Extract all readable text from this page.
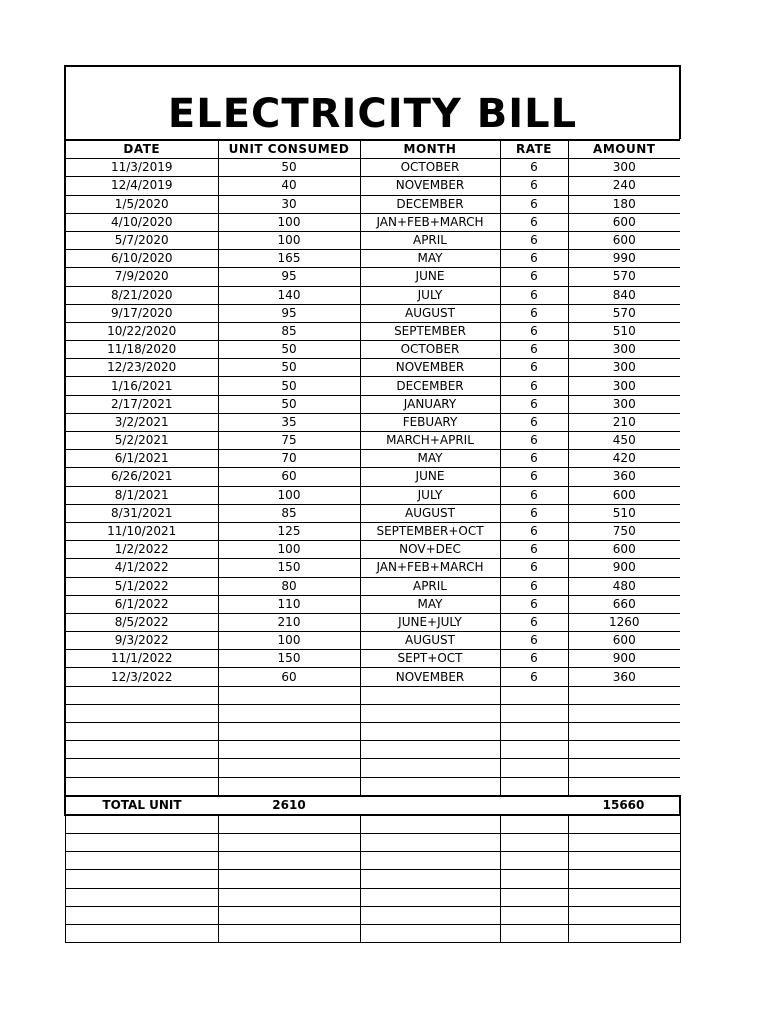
ELECTRICITY BILL
DATE	UNIT CONSUMED	MONTH	RATE	AMOUNT
11/3/2019	50	OCTOBER	6	300
12/4/2019	40	NOVEMBER	6	240
1/5/2020	30	DECEMBER	6	180
4/10/2020	100	JAN+FEB+MARCH	6	600
5/7/2020	100	APRIL	6	600
6/10/2020	165	MAY	6	990
7/9/2020	95	JUNE	6	570
8/21/2020	140	JULY	6	840
9/17/2020	95	AUGUST	6	570
10/22/2020	85	SEPTEMBER	6	510
11/18/2020	50	OCTOBER	6	300
12/23/2020	50	NOVEMBER	6	300
1/16/2021	50	DECEMBER	6	300
2/17/2021	50	JANUARY	6	300
3/2/2021	35	FEBUARY	6	210
5/2/2021	75	MARCH+APRIL	6	450
6/1/2021	70	MAY	6	420
6/26/2021	60	JUNE	6	360
8/1/2021	100	JULY	6	600
8/31/2021	85	AUGUST	6	510
11/10/2021	125	SEPTEMBER+OCT	6	750
1/2/2022	100	NOV+DEC	6	600
4/1/2022	150	JAN+FEB+MARCH	6	900
5/1/2022	80	APRIL	6	480
6/1/2022	110	MAY	6	660
8/5/2022	210	JUNE+JULY	6	1260
9/3/2022	100	AUGUST	6	600
11/1/2022	150	SEPT+OCT	6	900
12/3/2022	60	NOVEMBER	6	360

TOTAL UNIT	2610			15660
